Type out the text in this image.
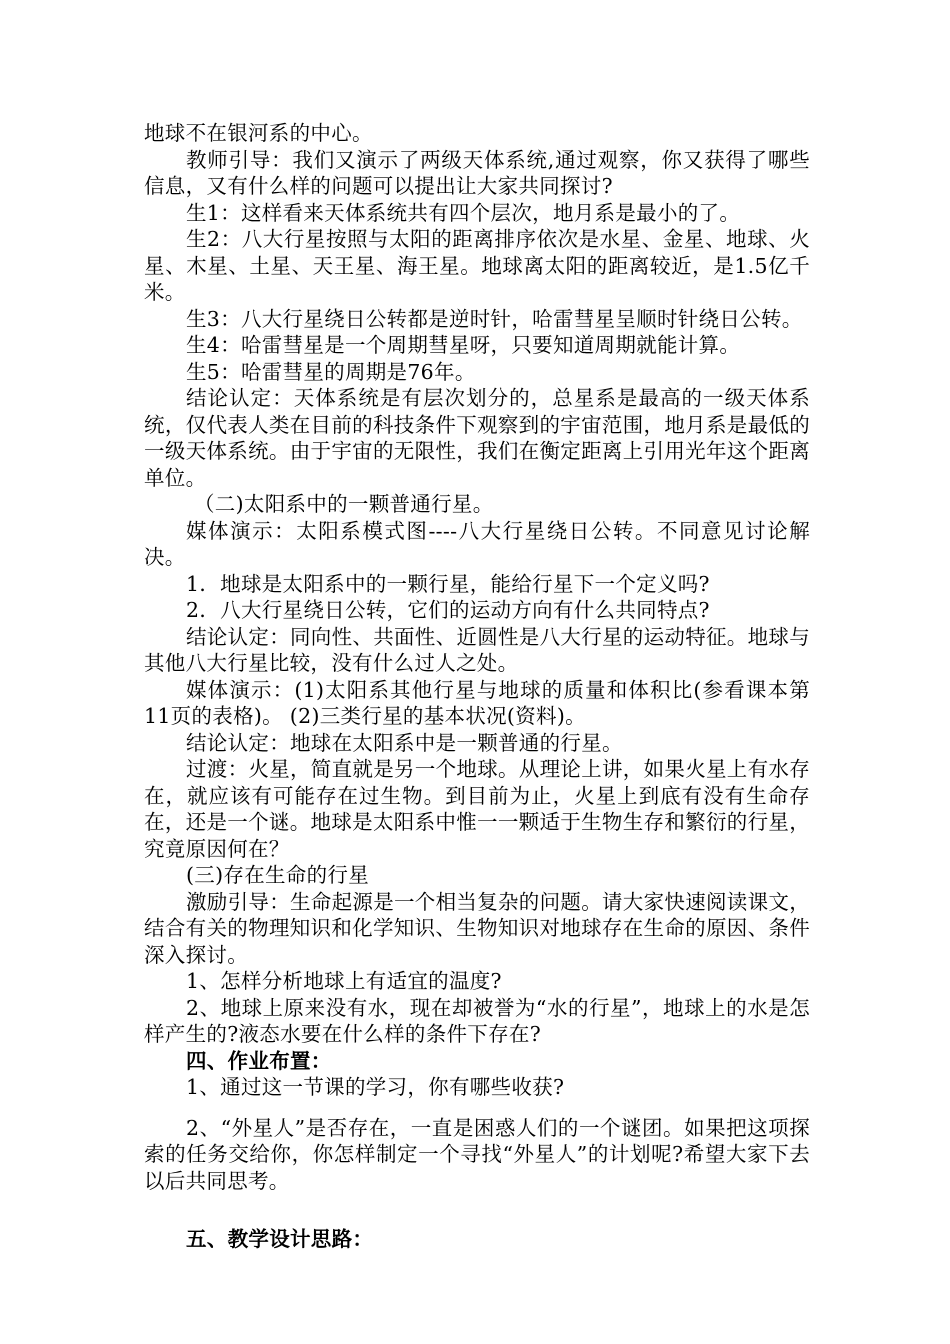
地球不在银河系的中心。

教师引导：我们又演示了两级天体系统,通过观察，你又获得了哪些信息，又有什么样的问题可以提出让大家共同探讨?

生1：这样看来天体系统共有四个层次，地月系是最小的了。

生2：八大行星按照与太阳的距离排序依次是水星、金星、地球、火星、木星、土星、天王星、海王星。地球离太阳的距离较近，是1.5亿千米。

生3：八大行星绕日公转都是逆时针，哈雷彗星呈顺时针绕日公转。

生4：哈雷彗星是一个周期彗星呀，只要知道周期就能计算。

生5：哈雷彗星的周期是76年。

结论认定：天体系统是有层次划分的，总星系是最高的一级天体系统，仅代表人类在目前的科技条件下观察到的宇宙范围，地月系是最低的一级天体系统。由于宇宙的无限性，我们在衡定距离上引用光年这个距离单位。

（二)太阳系中的一颗普通行星。

媒体演示：太阳系模式图----八大行星绕日公转。不同意见讨论解决。

1．地球是太阳系中的一颗行星，能给行星下一个定义吗?

2．八大行星绕日公转，它们的运动方向有什么共同特点?

结论认定：同向性、共面性、近圆性是八大行星的运动特征。地球与其他八大行星比较，没有什么过人之处。

媒体演示：(1)太阳系其他行星与地球的质量和体积比(参看课本第11页的表格)。 (2)三类行星的基本状况(资料)。

结论认定：地球在太阳系中是一颗普通的行星。

过渡：火星，简直就是另一个地球。从理论上讲，如果火星上有水存在，就应该有可能存在过生物。到目前为止，火星上到底有没有生命存在，还是一个谜。地球是太阳系中惟一一颗适于生物生存和繁衍的行星，究竟原因何在？

(三)存在生命的行星

激励引导：生命起源是一个相当复杂的问题。请大家快速阅读课文，结合有关的物理知识和化学知识、生物知识对地球存在生命的原因、条件深入探讨。

1、怎样分析地球上有适宜的温度?

2、地球上原来没有水，现在却被誉为“水的行星”，地球上的水是怎样产生的?液态水要在什么样的条件下存在?

四、作业布置：

1、通过这一节课的学习，你有哪些收获?

2、“外星人”是否存在，一直是困惑人们的一个谜团。如果把这项探索的任务交给你，你怎样制定一个寻找“外星人”的计划呢?希望大家下去以后共同思考。

五、教学设计思路：
